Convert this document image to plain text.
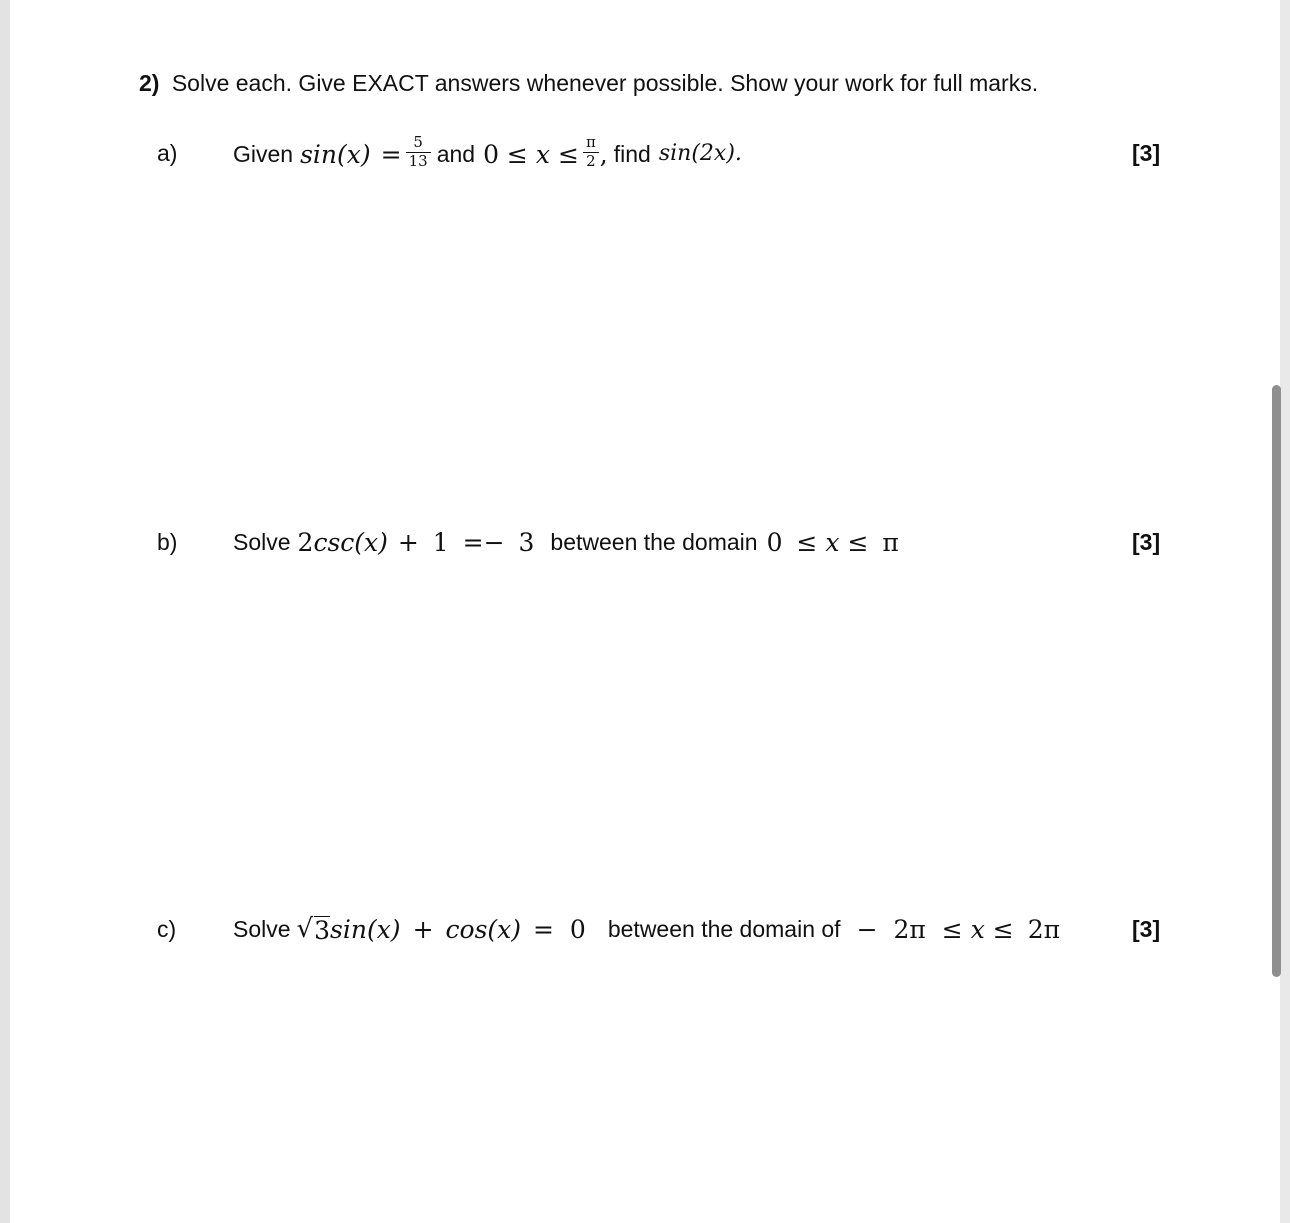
2) Solve each. Give EXACT answers whenever possible. Show your work for full marks.
a) Given $\sin(x) = \frac{5}{13}$ and $0 \le x \le \frac{\pi}{2}$ , find sin(2x).	[3]
b) Solve 2 csc(x) + 1 =− 3 between the domain 0 ≤ x ≤ π	[3]
c) Solve √ 3 sin(x) + cos(x) = 0 between the domain of − 2π ≤ x ≤ 2π	[3]
